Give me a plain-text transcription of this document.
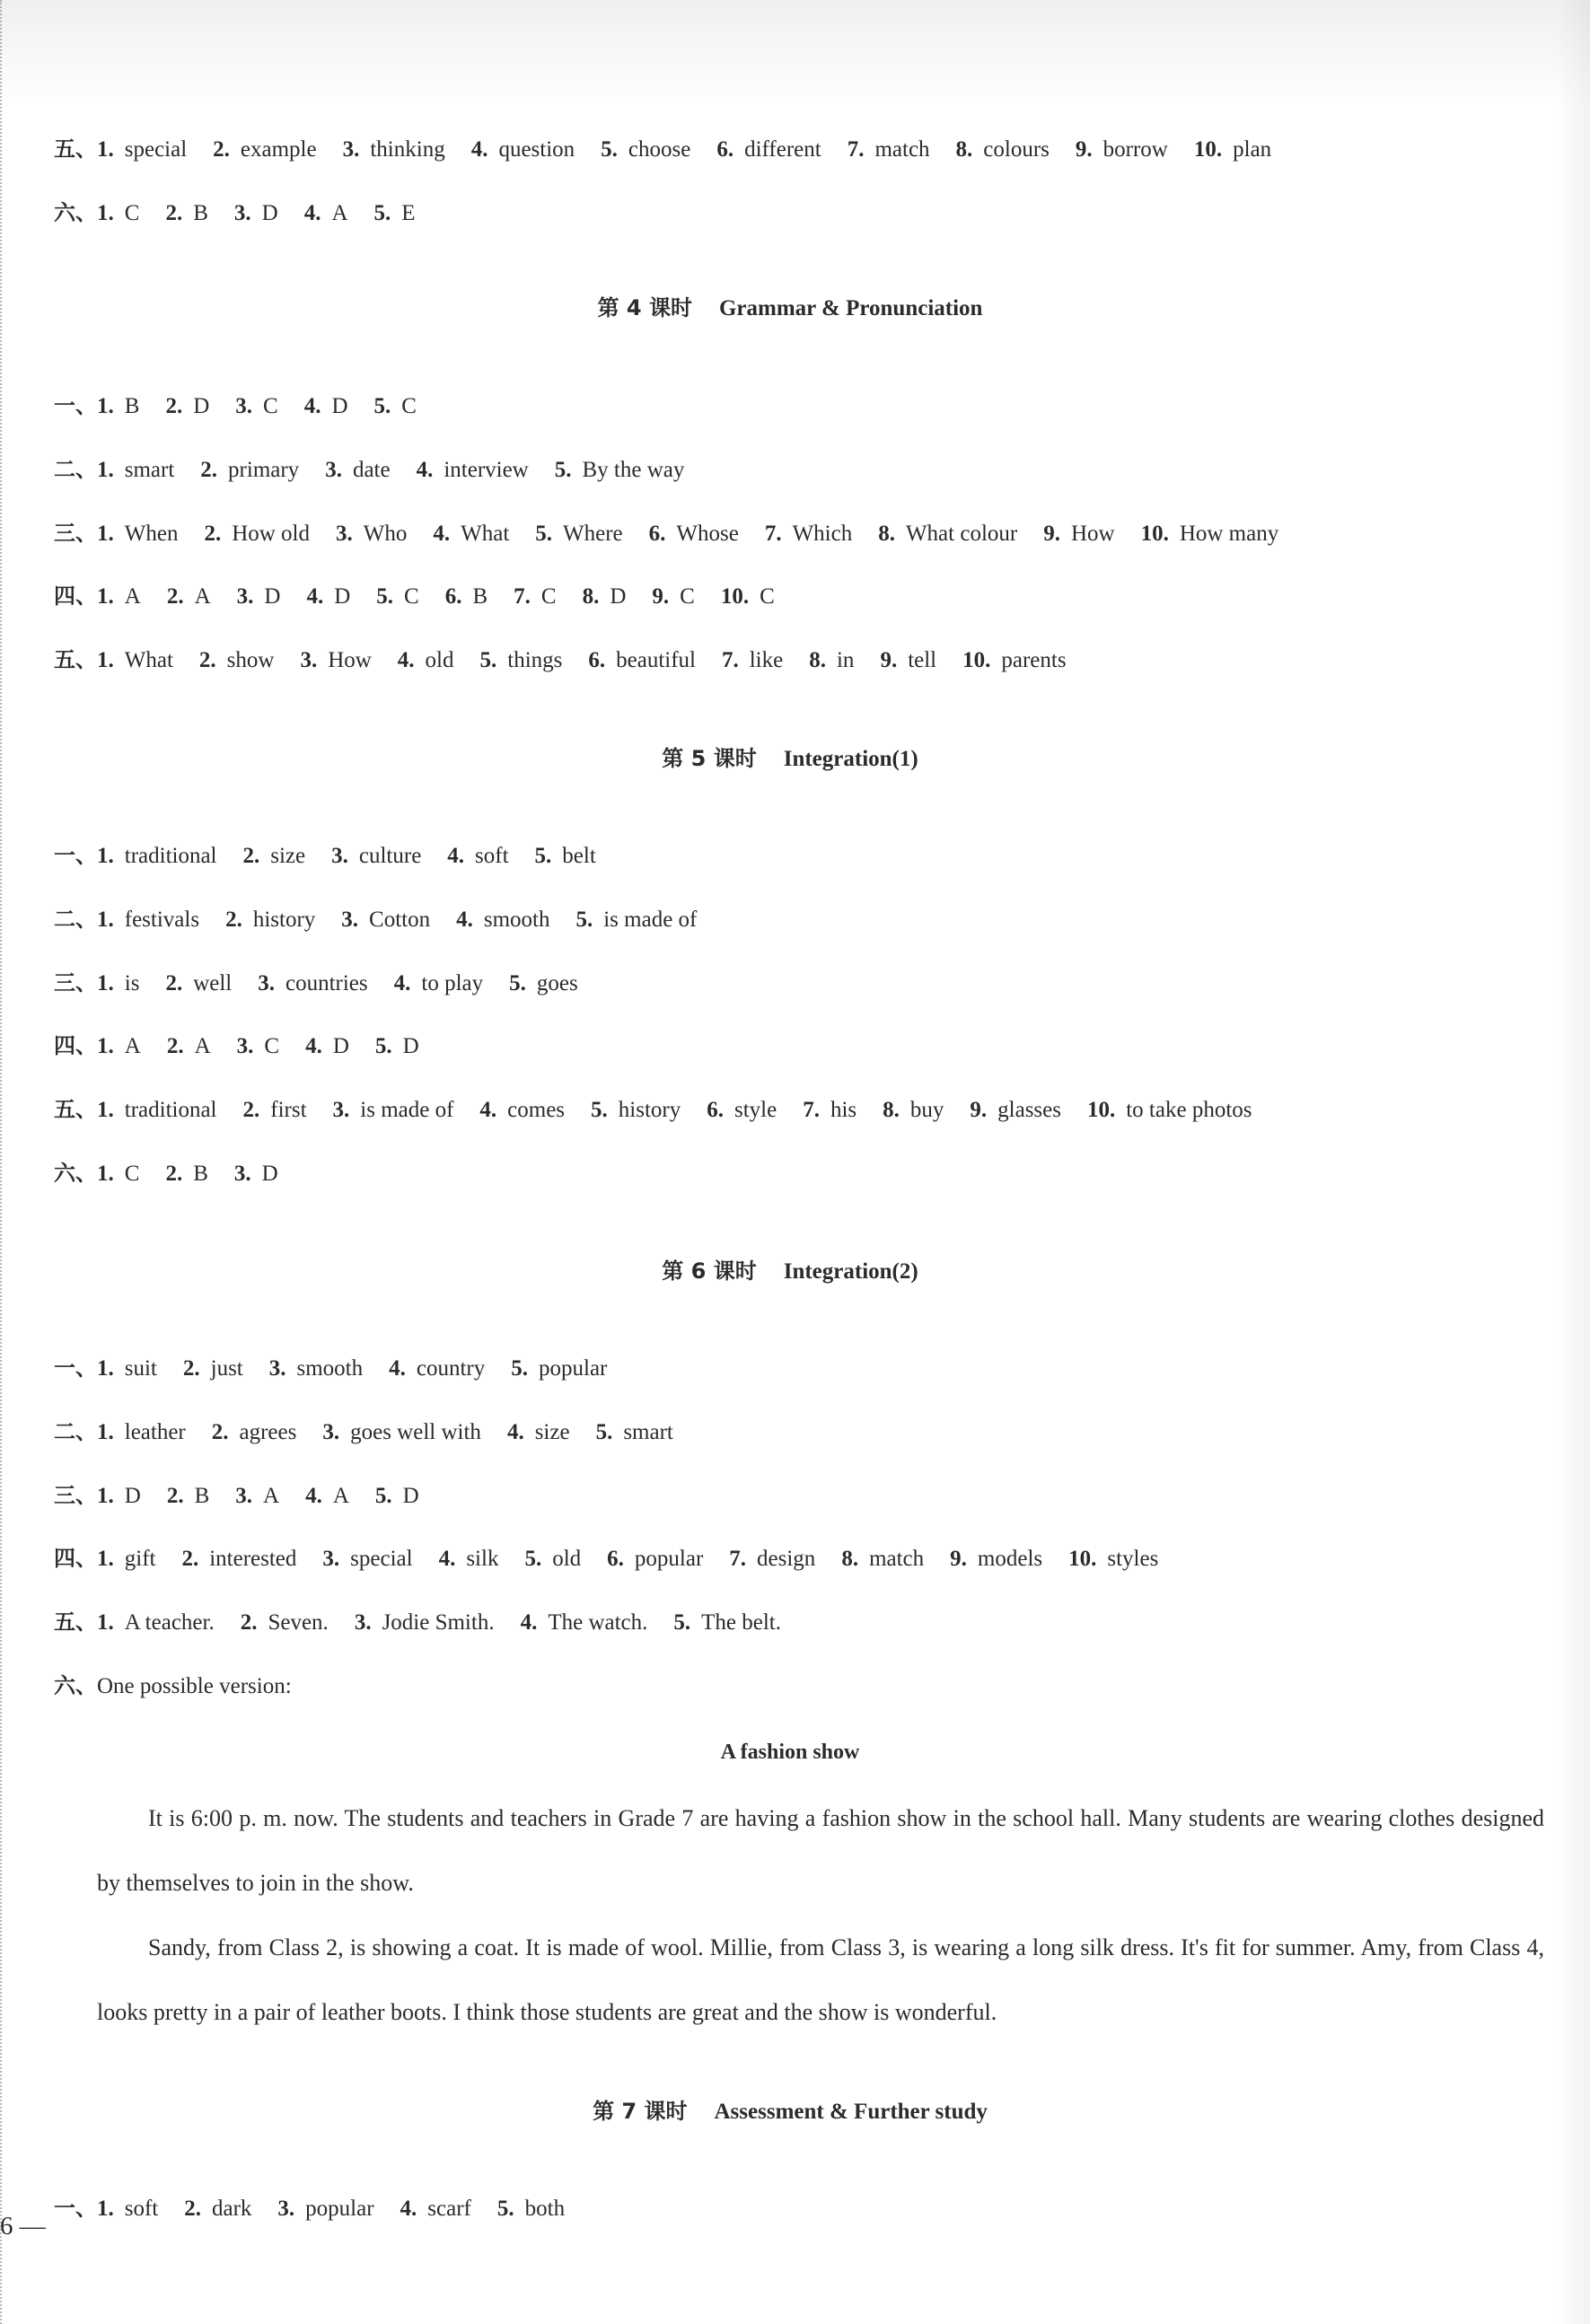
五、1. special 2. example 3. thinking 4. question 5. choose 6. different 7. match 8. colours 9. borrow 10. plan
六、1. C 2. B 3. D 4. A 5. E
第 4 课时 Grammar & Pronunciation
一、1. B 2. D 3. C 4. D 5. C
二、1. smart 2. primary 3. date 4. interview 5. By the way
三、1. When 2. How old 3. Who 4. What 5. Where 6. Whose 7. Which 8. What colour 9. How 10. How many
四、1. A 2. A 3. D 4. D 5. C 6. B 7. C 8. D 9. C 10. C
五、1. What 2. show 3. How 4. old 5. things 6. beautiful 7. like 8. in 9. tell 10. parents
第 5 课时 Integration(1)
一、1. traditional 2. size 3. culture 4. soft 5. belt
二、1. festivals 2. history 3. Cotton 4. smooth 5. is made of
三、1. is 2. well 3. countries 4. to play 5. goes
四、1. A 2. A 3. C 4. D 5. D
五、1. traditional 2. first 3. is made of 4. comes 5. history 6. style 7. his 8. buy 9. glasses 10. to take photos
六、1. C 2. B 3. D
第 6 课时 Integration(2)
一、1. suit 2. just 3. smooth 4. country 5. popular
二、1. leather 2. agrees 3. goes well with 4. size 5. smart
三、1. D 2. B 3. A 4. A 5. D
四、1. gift 2. interested 3. special 4. silk 5. old 6. popular 7. design 8. match 9. models 10. styles
五、1. A teacher. 2. Seven. 3. Jodie Smith. 4. The watch. 5. The belt.
六、One possible version:
A fashion show
It is 6:00 p. m. now. The students and teachers in Grade 7 are having a fashion show in the school hall. Many students are wearing clothes designed by themselves to join in the show.
Sandy, from Class 2, is showing a coat. It is made of wool. Millie, from Class 3, is wearing a long silk dress. It's fit for summer. Amy, from Class 4, looks pretty in a pair of leather boots. I think those students are great and the show is wonderful.
第 7 课时 Assessment & Further study
一、1. soft 2. dark 3. popular 4. scarf 5. both
6 —
